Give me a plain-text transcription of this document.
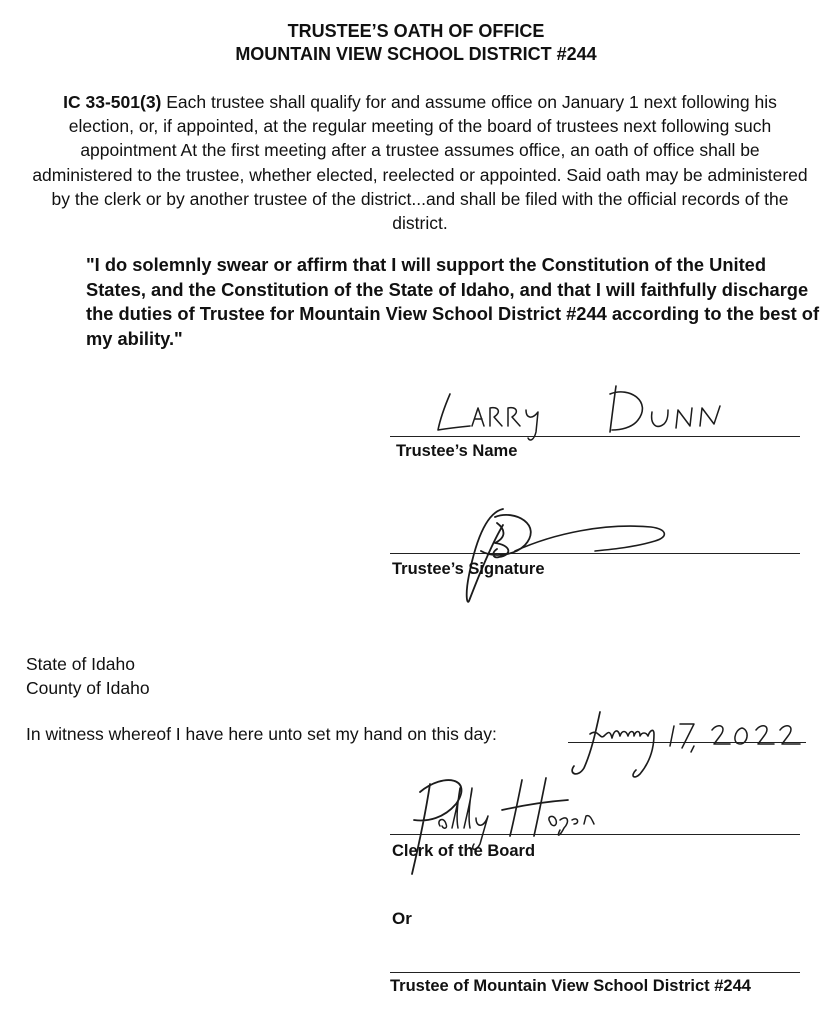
TRUSTEE’S OATH OF OFFICE
MOUNTAIN VIEW SCHOOL DISTRICT #244
IC 33-501(3) Each trustee shall qualify for and assume office on January 1 next following his election, or, if appointed, at the regular meeting of the board of trustees next following such appointment At the first meeting after a trustee assumes office, an oath of office shall be administered to the trustee, whether elected, reelected or appointed. Said oath may be administered by the clerk or by another trustee of the district...and shall be filed with the official records of the district.
"I do solemnly swear or affirm that I will support the Constitution of the United States, and the Constitution of the State of Idaho, and that I will faithfully discharge the duties of Trustee for Mountain View School District #244 according to the best of my ability."
Trustee’s Name
Trustee’s Signature
State of Idaho
County of Idaho
In witness whereof I have here unto set my hand on this day:
Clerk of the Board
Or
Trustee of Mountain View School District #244
